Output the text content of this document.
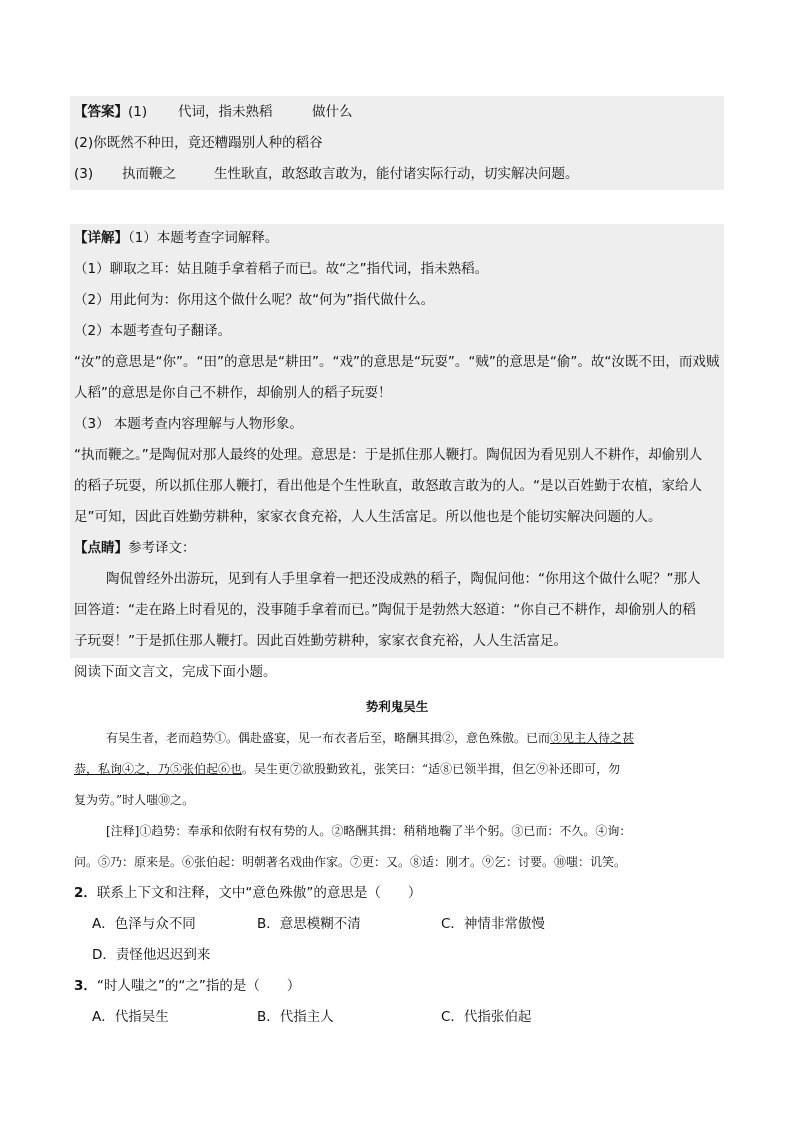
【答案】(1) 代词，指未熟稻	做什么
(2)你既然不种田，竟还糟蹋别人种的稻谷
(3) 执而鞭之	生性耿直，敢怒敢言敢为，能付诸实际行动，切实解决问题。
【详解】（1）本题考查字词解释。
（1）聊取之耳：姑且随手拿着稻子而已。故“之”指代词，指未熟稻。
（2）用此何为：你用这个做什么呢？故“何为”指代做什么。
（2）本题考查句子翻译。
“汝”的意思是“你”。“田”的意思是“耕田”。“戏”的意思是“玩耍”。“贼”的意思是“偷”。故“汝既不田，而戏贼
人稻”的意思是你自己不耕作，却偷别人的稻子玩耍！
（3） 本题考查内容理解与人物形象。
“执而鞭之。”是陶侃对那人最终的处理。意思是：于是抓住那人鞭打。陶侃因为看见别人不耕作，却偷别人
的稻子玩耍，所以抓住那人鞭打，看出他是个生性耿直，敢怒敢言敢为的人。“是以百姓勤于农植，家给人
足”可知，因此百姓勤劳耕种，家家衣食充裕，人人生活富足。所以他也是个能切实解决问题的人。
【点睛】参考译文：
陶侃曾经外出游玩，见到有人手里拿着一把还没成熟的稻子，陶侃问他：“你用这个做什么呢？”那人
回答道：“走在路上时看见的，没事随手拿着而已。”陶侃于是勃然大怒道：“你自己不耕作，却偷别人的稻
子玩耍！”于是抓住那人鞭打。因此百姓勤劳耕种，家家衣食充裕，人人生活富足。
阅读下面文言文，完成下面小题。
势利鬼吴生
有吴生者，老而趋势①。偶赴盛宴，见一布衣者后至，略酬其揖②，意色殊傲。已而③见主人待之甚
恭，私询④之，乃⑤张伯起⑥也。吴生更⑦欲殷勤致礼，张笑曰：“适⑧已领半揖，但乞⑨补还即可，勿
复为劳。”时人嗤⑩之。
[注释]①趋势：奉承和依附有权有势的人。②略酬其揖：稍稍地鞠了半个躬。③已而：不久。④询：
问。⑤乃：原来是。⑥张伯起：明朝著名戏曲作家。⑦更：又。⑧适：刚才。⑨乞：讨要。⑩嗤：讥笑。
2．联系上下文和注释，文中“意色殊傲”的意思是（　　）
A．色泽与众不同	B．意思模糊不清	C．神情非常傲慢
D．责怪他迟迟到来
3．“时人嗤之”的“之”指的是（　　）
A．代指吴生	B．代指主人	C．代指张伯起
